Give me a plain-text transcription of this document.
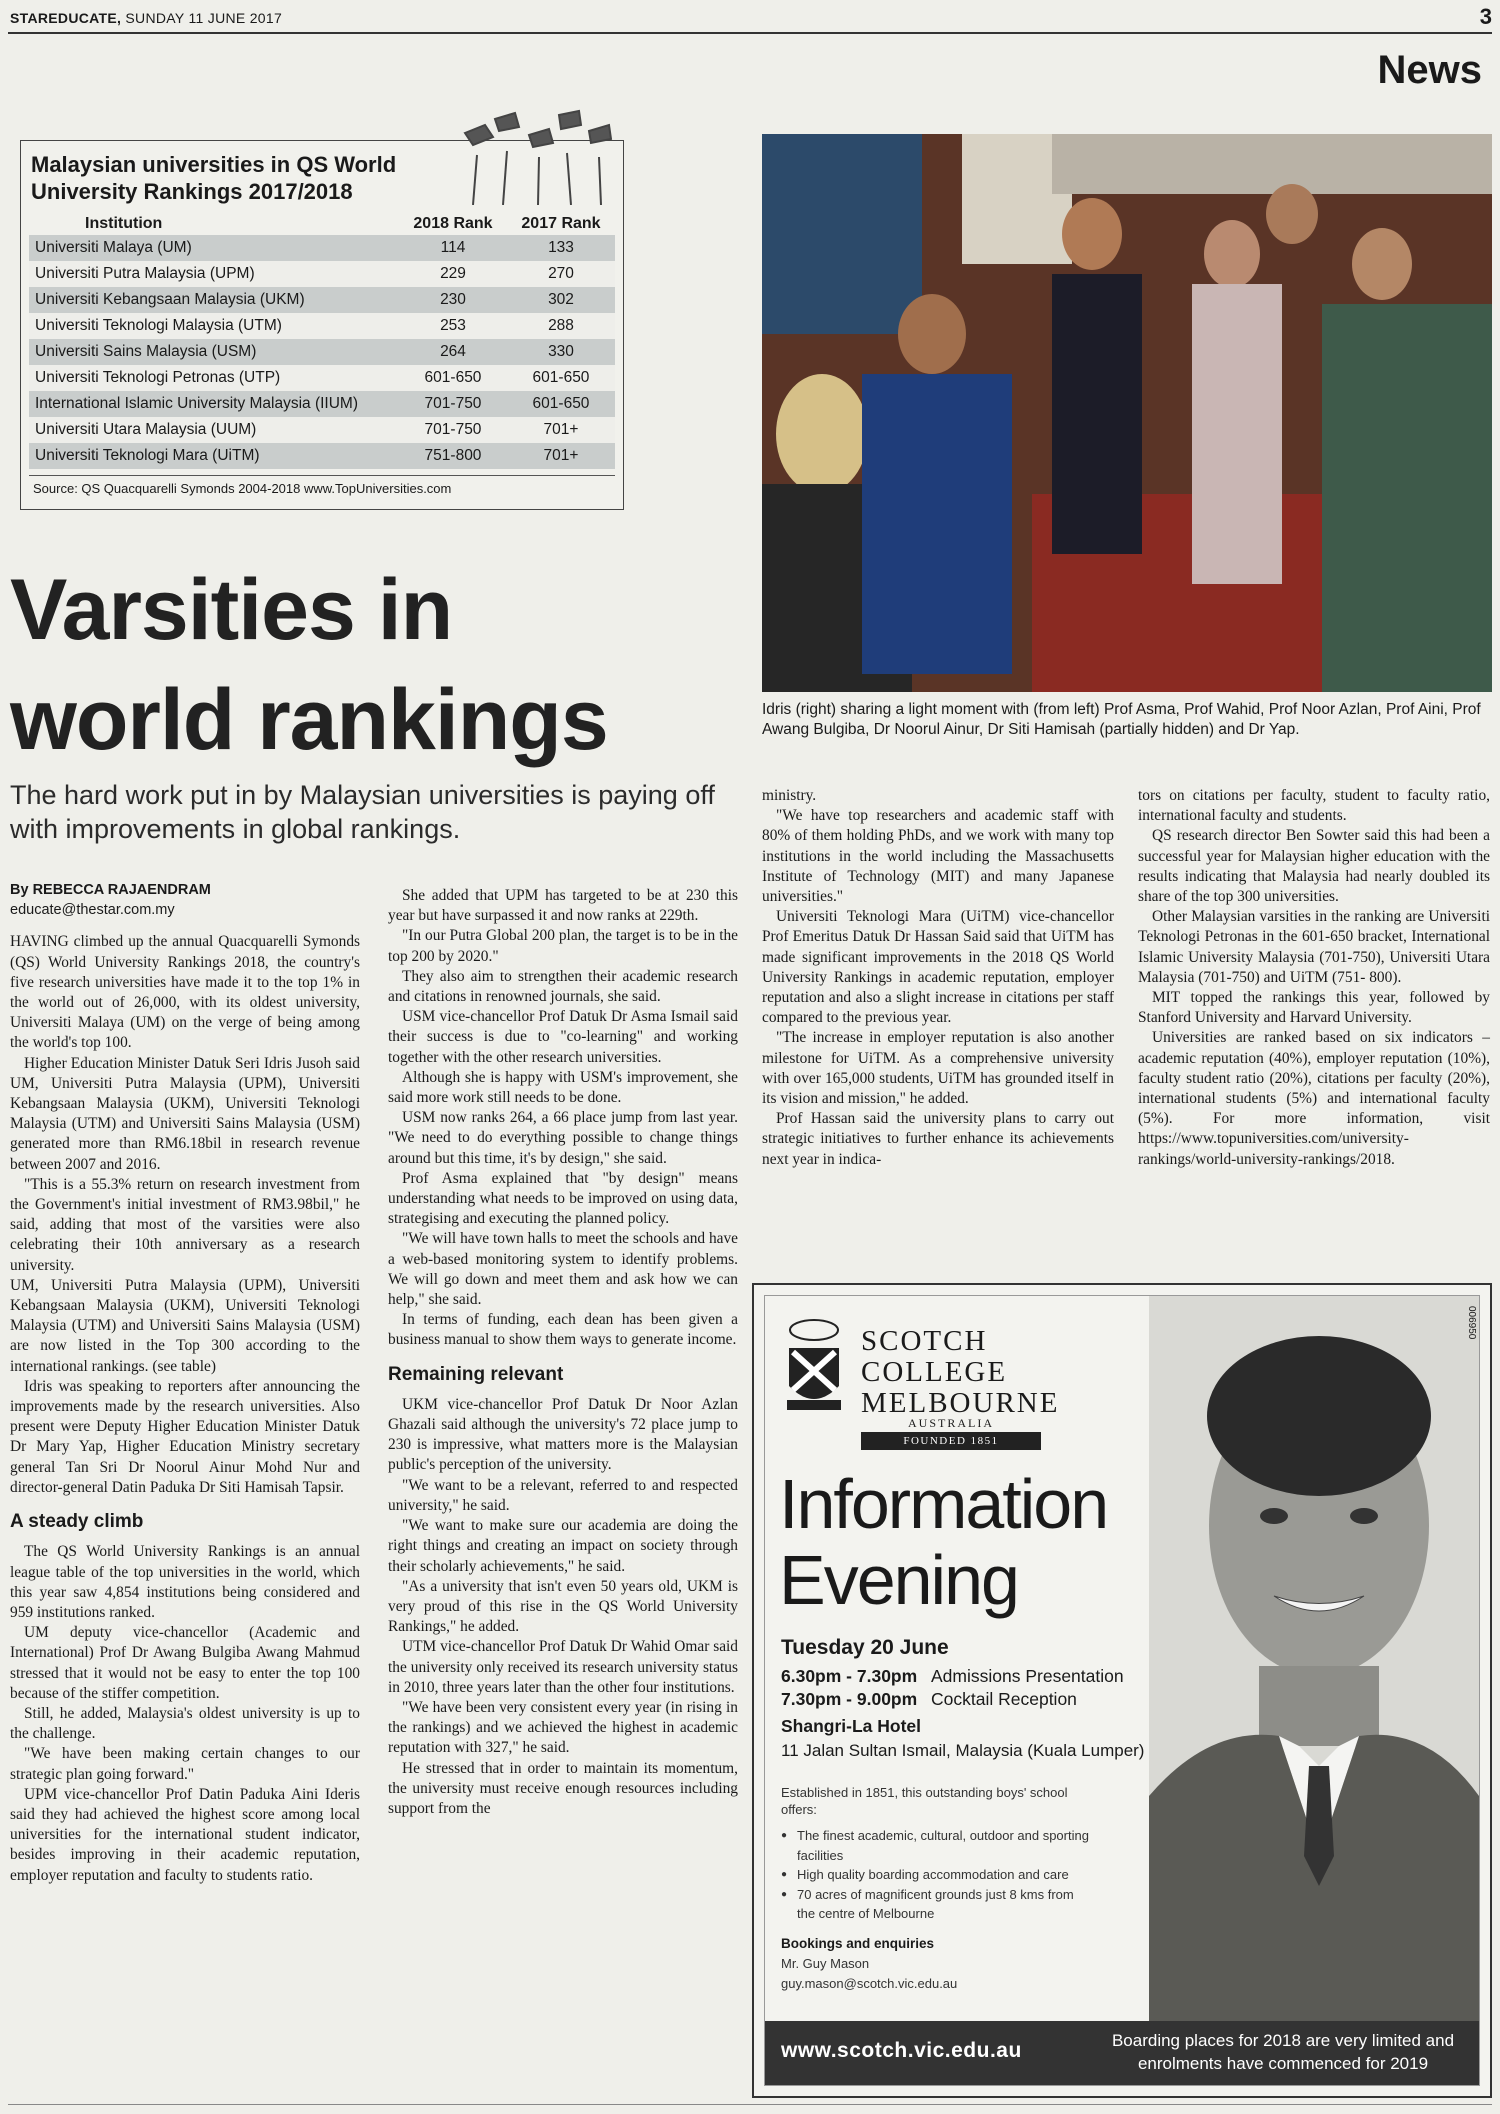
STAREDUCATE, SUNDAY 11 JUNE 2017	3
News
Malaysian universities in QS World University Rankings 2017/2018
Institution	2018 Rank	2017 Rank
Universiti Malaya (UM)	114	133
Universiti Putra Malaysia (UPM)	229	270
Universiti Kebangsaan Malaysia (UKM)	230	302
Universiti Teknologi Malaysia (UTM)	253	288
Universiti Sains Malaysia (USM)	264	330
Universiti Teknologi Petronas (UTP)	601-650	601-650
International Islamic University Malaysia (IIUM)	701-750	601-650
Universiti Utara Malaysia (UUM)	701-750	701+
Universiti Teknologi Mara (UiTM)	751-800	701+
Source: QS Quacquarelli Symonds 2004-2018 www.TopUniversities.com
Varsities in world rankings
The hard work put in by Malaysian universities is paying off with improvements in global rankings.
Idris (right) sharing a light moment with (from left) Prof Asma, Prof Wahid, Prof Noor Azlan, Prof Aini, Prof Awang Bulgiba, Dr Noorul Ainur, Dr Siti Hamisah (partially hidden) and Dr Yap.
By REBECCA RAJAENDRAM
educate@thestar.com.my

HAVING climbed up the annual Quacquarelli Symonds (QS) World University Rankings 2018, the country's five research universities have made it to the top 1% in the world out of 26,000, with its oldest university, Universiti Malaya (UM) on the verge of being among the world's top 100.

Higher Education Minister Datuk Seri Idris Jusoh said UM, Universiti Putra Malaysia (UPM), Universiti Kebangsaan Malaysia (UKM), Universiti Teknologi Malaysia (UTM) and Universiti Sains Malaysia (USM) generated more than RM6.18bil in research revenue between 2007 and 2016.

"This is a 55.3% return on research investment from the Government's initial investment of RM3.98bil," he said, adding that most of the varsities were also celebrating their 10th anniversary as a research university.

UM, Universiti Putra Malaysia (UPM), Universiti Kebangsaan Malaysia (UKM), Universiti Teknologi Malaysia (UTM) and Universiti Sains Malaysia (USM) are now listed in the Top 300 according to the international rankings. (see table)

Idris was speaking to reporters after announcing the improvements made by the research universities. Also present were Deputy Higher Education Minister Datuk Dr Mary Yap, Higher Education Ministry secretary general Tan Sri Dr Noorul Ainur Mohd Nur and director-general Datin Paduka Dr Siti Hamisah Tapsir.

A steady climb

The QS World University Rankings is an annual league table of the top universities in the world, which this year saw 4,854 institutions being considered and 959 institutions ranked.

UM deputy vice-chancellor (Academic and International) Prof Dr Awang Bulgiba Awang Mahmud stressed that it would not be easy to enter the top 100 because of the stiffer competition.

Still, he added, Malaysia's oldest university is up to the challenge.

"We have been making certain changes to our strategic plan going forward."

UPM vice-chancellor Prof Datin Paduka Aini Ideris said they had achieved the highest score among local universities for the international student indicator, besides improving in their academic reputation, employer reputation and faculty to students ratio.

She added that UPM has targeted to be at 230 this year but have surpassed it and now ranks at 229th.

"In our Putra Global 200 plan, the target is to be in the top 200 by 2020."

They also aim to strengthen their academic research and citations in renowned journals, she said.

USM vice-chancellor Prof Datuk Dr Asma Ismail said their success is due to "co-learning" and working together with the other research universities.

Although she is happy with USM's improvement, she said more work still needs to be done.

USM now ranks 264, a 66 place jump from last year. "We need to do everything possible to change things around but this time, it's by design," she said.

Prof Asma explained that "by design" means understanding what needs to be improved on using data, strategising and executing the planned policy.

"We will have town halls to meet the schools and have a web-based monitoring system to identify problems. We will go down and meet them and ask how we can help," she said.

In terms of funding, each dean has been given a business manual to show them ways to generate income.

Remaining relevant

UKM vice-chancellor Prof Datuk Dr Noor Azlan Ghazali said although the university's 72 place jump to 230 is impressive, what matters more is the Malaysian public's perception of the university.

"We want to be a relevant, referred to and respected university," he said.

"We want to make sure our academia are doing the right things and creating an impact on society through their scholarly achievements," he said.

"As a university that isn't even 50 years old, UKM is very proud of this rise in the QS World University Rankings," he added.

UTM vice-chancellor Prof Datuk Dr Wahid Omar said the university only received its research university status in 2010, three years later than the other four institutions.

"We have been very consistent every year (in rising in the rankings) and we achieved the highest in academic reputation with 327," he said.

He stressed that in order to maintain its momentum, the university must receive enough resources including support from the

ministry.

"We have top researchers and academic staff with 80% of them holding PhDs, and we work with many top institutions in the world including the Massachusetts Institute of Technology (MIT) and many Japanese universities."

Universiti Teknologi Mara (UiTM) vice-chancellor Prof Emeritus Datuk Dr Hassan Said said that UiTM has made significant improvements in the 2018 QS World University Rankings in academic reputation, employer reputation and also a slight increase in citations per staff compared to the previous year.

"The increase in employer reputation is also another milestone for UiTM. As a comprehensive university with over 165,000 students, UiTM has grounded itself in its vision and mission," he added.

Prof Hassan said the university plans to carry out strategic initiatives to further enhance its achievements next year in indica-

tors on citations per faculty, student to faculty ratio, international faculty and students.

QS research director Ben Sowter said this had been a successful year for Malaysian higher education with the results indicating that Malaysia had nearly doubled its share of the top 300 universities.

Other Malaysian varsities in the ranking are Universiti Teknologi Petronas in the 601-650 bracket, International Islamic University Malaysia (701-750), Universiti Utara Malaysia (701-750) and UiTM (751- 800).

MIT topped the rankings this year, followed by Stanford University and Harvard University.

Universities are ranked based on six indicators – academic reputation (40%), employer reputation (10%), faculty student ratio (20%), citations per faculty (20%), international students (5%) and international faculty (5%). For more information, visit https://www.topuniversities.com/university-rankings/world-university-rankings/2018.

006950
SCOTCH
COLLEGE
MELBOURNE
AUSTRALIA
FOUNDED 1851
Information
Evening
Tuesday 20 June
6.30pm - 7.30pm Admissions Presentation
7.30pm - 9.00pm Cocktail Reception
Shangri-La Hotel
11 Jalan Sultan Ismail, Malaysia (Kuala Lumper)
Established in 1851, this outstanding boys' school offers:
● The finest academic, cultural, outdoor and sporting facilities
● High quality boarding accommodation and care
● 70 acres of magnificent grounds just 8 kms from the centre of Melbourne
Bookings and enquiries
Mr. Guy Mason
guy.mason@scotch.vic.edu.au
www.scotch.vic.edu.au	Boarding places for 2018 are very limited and enrolments have commenced for 2019
